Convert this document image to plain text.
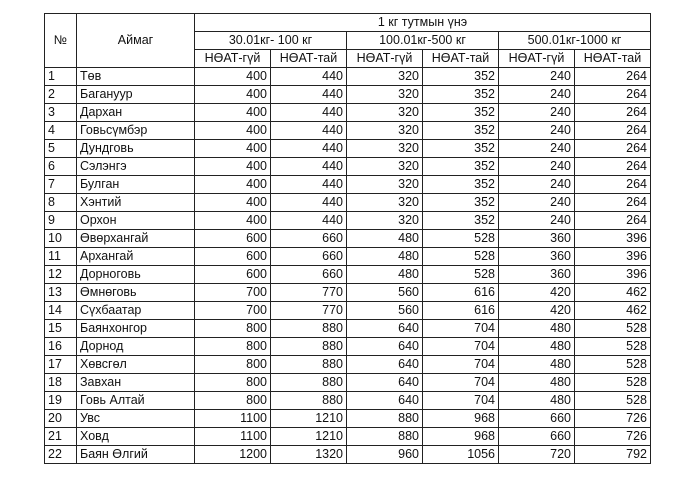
№	Аймаг	1 кг тутмын үнэ					
		30.01кг- 100 кг		100.01кг-500 кг		500.01кг-1000 кг	
		НӨАТ-гүй	НӨАТ-тай	НӨАТ-гүй	НӨАТ-тай	НӨАТ-гүй	НӨАТ-тай
1	Төв	400	440	320	352	240	264
2	Багануур	400	440	320	352	240	264
3	Дархан	400	440	320	352	240	264
4	Говьсүмбэр	400	440	320	352	240	264
5	Дундговь	400	440	320	352	240	264
6	Сэлэнгэ	400	440	320	352	240	264
7	Булган	400	440	320	352	240	264
8	Хэнтий	400	440	320	352	240	264
9	Орхон	400	440	320	352	240	264
10	Өвөрхангай	600	660	480	528	360	396
11	Архангай	600	660	480	528	360	396
12	Дорноговь	600	660	480	528	360	396
13	Өмнөговь	700	770	560	616	420	462
14	Сүхбаатар	700	770	560	616	420	462
15	Баянхонгор	800	880	640	704	480	528
16	Дорнод	800	880	640	704	480	528
17	Хөвсгөл	800	880	640	704	480	528
18	Завхан	800	880	640	704	480	528
19	Говь Алтай	800	880	640	704	480	528
20	Увс	1100	1210	880	968	660	726
21	Ховд	1100	1210	880	968	660	726
22	Баян Өлгий	1200	1320	960	1056	720	792
